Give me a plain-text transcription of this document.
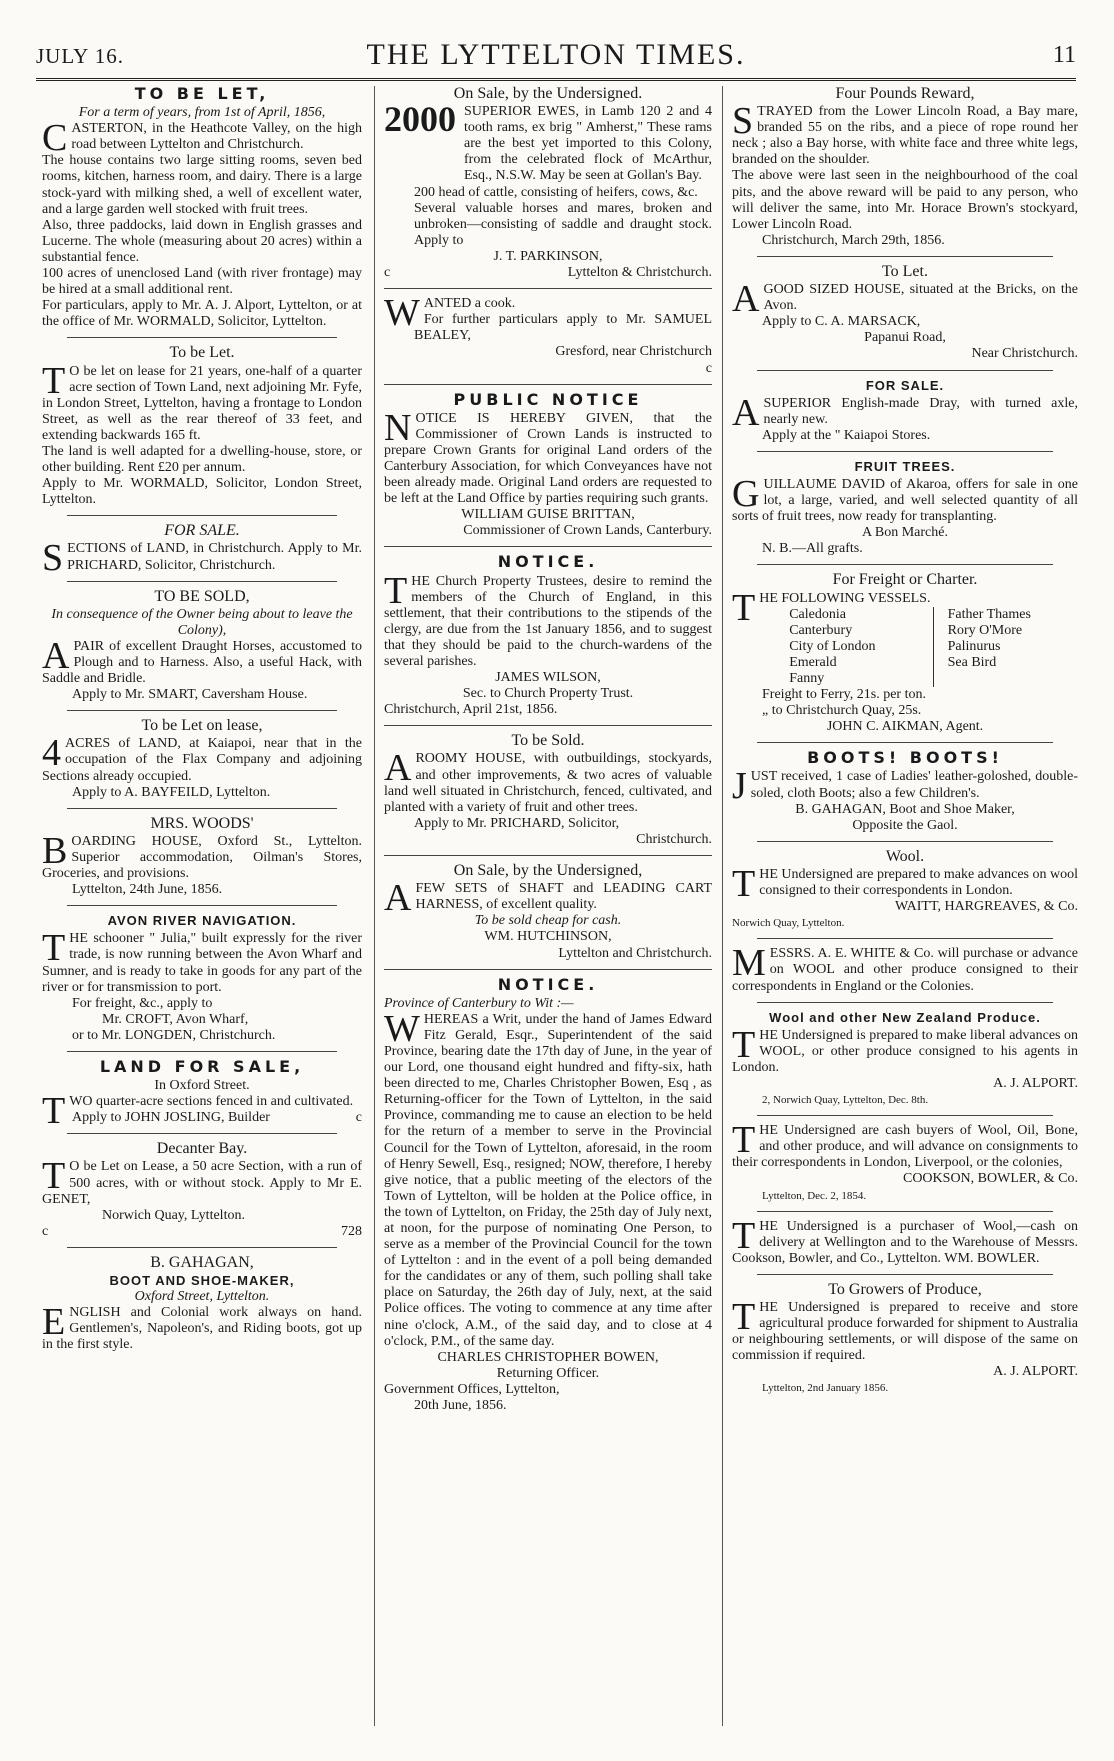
JULY 16.	THE LYTTELTON TIMES.	11
TO BE LET,

For a term of years, from 1st of April, 1856,

CASTERTON, in the Heathcote Valley, on the high road between Lyttelton and Christchurch.

The house contains two large sitting rooms, seven bed rooms, kitchen, harness room, and dairy. There is a large stock-yard with milking shed, a well of excellent water, and a large garden well stocked with fruit trees.

Also, three paddocks, laid down in English grasses and Lucerne. The whole (measuring about 20 acres) within a substantial fence.

100 acres of unenclosed Land (with river frontage) may be hired at a small additional rent.

For particulars, apply to Mr. A. J. Alport, Lyttelton, or at the office of Mr. WORMALD, Solicitor, Lyttelton.

To be Let.

TO be let on lease for 21 years, one-half of a quarter acre section of Town Land, next adjoining Mr. Fyfe, in London Street, Lyttelton, having a frontage to London Street, as well as the rear thereof of 33 feet, and extending backwards 165 ft.

The land is well adapted for a dwelling-house, store, or other building. Rent £20 per annum.

Apply to Mr. WORMALD, Solicitor, London Street, Lyttelton.

FOR SALE.

SECTIONS of LAND, in Christchurch. Apply to Mr. PRICHARD, Solicitor, Christchurch.

TO BE SOLD,

In consequence of the Owner being about to leave the Colony),

APAIR of excellent Draught Horses, accustomed to Plough and to Harness. Also, a useful Hack, with Saddle and Bridle.

Apply to Mr. SMART, Caversham House.

To be Let on lease,

4ACRES of LAND, at Kaiapoi, near that in the occupation of the Flax Company and adjoining Sections already occupied.

Apply to A. BAYFEILD, Lyttelton.

MRS. WOODS'

BOARDING HOUSE, Oxford St., Lyttelton. Superior accommodation, Oilman's Stores, Groceries, and provisions.

Lyttelton, 24th June, 1856.

AVON RIVER NAVIGATION.

THE schooner " Julia," built expressly for the river trade, is now running between the Avon Wharf and Sumner, and is ready to take in goods for any part of the river or for transmission to port.

For freight, &c., apply to

Mr. CROFT, Avon Wharf,

or to Mr. LONGDEN, Christchurch.

LAND FOR SALE,

In Oxford Street.

TWO quarter-acre sections fenced in and cultivated.

Apply to JOHN JOSLING, Builder	c

Decanter Bay.

TO be Let on Lease, a 50 acre Section, with a run of 500 acres, with or without stock. Apply to Mr E. GENET,

Norwich Quay, Lyttelton.

c	728

B. GAHAGAN,

BOOT AND SHOE-MAKER,

Oxford Street, Lyttelton.

ENGLISH and Colonial work always on hand. Gentlemen's, Napoleon's, and Riding boots, got up in the first style.

On Sale, by the Undersigned.
2000 SUPERIOR EWES, in Lamb 120 2 and 4 tooth rams, ex brig " Amherst," These rams are the best yet imported to this Colony, from the celebrated flock of McArthur, Esq., N.S.W. May be seen at Gollan's Bay.

200 head of cattle, consisting of heifers, cows, &c.

Several valuable horses and mares, broken and unbroken—consisting of saddle and draught stock. Apply to

J. T. PARKINSON,

c	Lyttelton & Christchurch.

WANTED a cook.

For further particulars apply to Mr. SAMUEL BEALEY,

Gresford, near Christchurch

c

PUBLIC NOTICE

NOTICE IS HEREBY GIVEN, that the Commissioner of Crown Lands is instructed to prepare Crown Grants for original Land orders of the Canterbury Association, for which Conveyances have not been already made. Original Land orders are requested to be left at the Land Office by parties requiring such grants.

WILLIAM GUISE BRITTAN,

Commissioner of Crown Lands, Canterbury.

NOTICE.

THE Church Property Trustees, desire to remind the members of the Church of England, in this settlement, that their contributions to the stipends of the clergy, are due from the 1st January 1856, and to suggest that they should be paid to the church-wardens of the several parishes.

JAMES WILSON,

Sec. to Church Property Trust.

Christchurch, April 21st, 1856.

To be Sold.

AROOMY HOUSE, with outbuildings, stockyards, and other improvements, & two acres of valuable land well situated in Christchurch, fenced, cultivated, and planted with a variety of fruit and other trees.

Apply to Mr. PRICHARD, Solicitor,

Christchurch.

On Sale, by the Undersigned,

AFEW SETS of SHAFT and LEADING CART HARNESS, of excellent quality.

To be sold cheap for cash.

WM. HUTCHINSON,

Lyttelton and Christchurch.

NOTICE.

Province of Canterbury to Wit :—

WHEREAS a Writ, under the hand of James Edward Fitz Gerald, Esqr., Superintendent of the said Province, bearing date the 17th day of June, in the year of our Lord, one thousand eight hundred and fifty-six, hath been directed to me, Charles Christopher Bowen, Esq , as Returning-officer for the Town of Lyttelton, in the said Province, commanding me to cause an election to be held for the return of a member to serve in the Provincial Council for the Town of Lyttelton, aforesaid, in the room of Henry Sewell, Esq., resigned; NOW, therefore, I hereby give notice, that a public meeting of the electors of the Town of Lyttelton, will be holden at the Police office, in the town of Lyttelton, on Friday, the 25th day of July next, at noon, for the purpose of nominating One Person, to serve as a member of the Provincial Council for the town of Lyttelton : and in the event of a poll being demanded for the candidates or any of them, such polling shall take place on Saturday, the 26th day of July, next, at the said Police offices. The voting to commence at any time after nine o'clock, A.M., of the said day, and to close at 4 o'clock, P.M., of the same day.

CHARLES CHRISTOPHER BOWEN,

Returning Officer.

Government Offices, Lyttelton,

20th June, 1856.

Four Pounds Reward,

STRAYED from the Lower Lincoln Road, a Bay mare, branded 55 on the ribs, and a piece of rope round her neck ; also a Bay horse, with white face and three white legs, branded on the shoulder.

The above were last seen in the neighbourhood of the coal pits, and the above reward will be paid to any person, who will deliver the same, into Mr. Horace Brown's stockyard, Lower Lincoln Road.

Christchurch, March 29th, 1856.

To Let.

AGOOD SIZED HOUSE, situated at the Bricks, on the Avon.

Apply to C. A. MARSACK,

Papanui Road,

Near Christchurch.

FOR SALE.

ASUPERIOR English-made Dray, with turned axle, nearly new.

Apply at the " Kaiapoi Stores.

FRUIT TREES.

GUILLAUME DAVID of Akaroa, offers for sale in one lot, a large, varied, and well selected quantity of all sorts of fruit trees, now ready for transplanting.

A Bon Marché.

N. B.—All grafts.

For Freight or Charter.

THE FOLLOWING VESSELS.

Caledonia	Father Thames
Canterbury	Rory O'More
City of London	Palinurus
Emerald	Sea Bird
Fanny

Freight to Ferry, 21s. per ton.

„ to Christchurch Quay, 25s.

JOHN C. AIKMAN, Agent.

BOOTS! BOOTS!

JUST received, 1 case of Ladies' leather-goloshed, double-soled, cloth Boots; also a few Children's.

B. GAHAGAN, Boot and Shoe Maker,

Opposite the Gaol.

Wool.

THE Undersigned are prepared to make advances on wool consigned to their correspondents in London.

WAITT, HARGREAVES, & Co.

Norwich Quay, Lyttelton.

MESSRS. A. E. WHITE & Co. will purchase or advance on WOOL and other produce consigned to their correspondents in England or the Colonies.

Wool and other New Zealand Produce.

THE Undersigned is prepared to make liberal advances on WOOL, or other produce consigned to his agents in London.

A. J. ALPORT.

2, Norwich Quay, Lyttelton, Dec. 8th.

THE Undersigned are cash buyers of Wool, Oil, Bone, and other produce, and will advance on consignments to their correspondents in London, Liverpool, or the colonies,

COOKSON, BOWLER, & Co.

Lyttelton, Dec. 2, 1854.

THE Undersigned is a purchaser of Wool,—cash on delivery at Wellington and to the Warehouse of Messrs. Cookson, Bowler, and Co., Lyttelton. WM. BOWLER.

To Growers of Produce,

THE Undersigned is prepared to receive and store agricultural produce forwarded for shipment to Australia or neighbouring settlements, or will dispose of the same on commission if required.

A. J. ALPORT.

Lyttelton, 2nd January 1856.
